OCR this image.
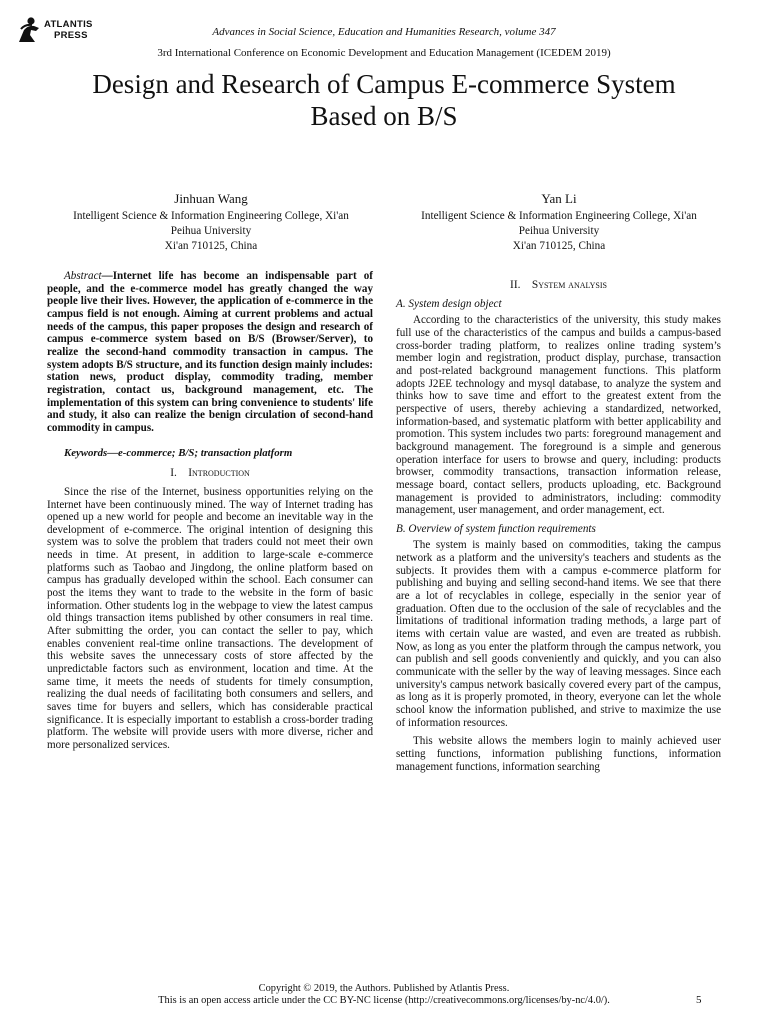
ATLANTIS
PRESS	Advances in Social Science, Education and Humanities Research, volume 347
3rd International Conference on Economic Development and Education Management (ICEDEM 2019)
Design and Research of Campus E-commerce System
Based on B/S
Jinhuan Wang
Intelligent Science & Information Engineering College, Xi'an
Peihua University
Xi'an 710125, China
Yan Li
Intelligent Science & Information Engineering College, Xi'an
Peihua University
Xi'an 710125, China

Abstract—Internet life has become an indispensable part of people, and the e-commerce model has greatly changed the way people live their lives. However, the application of e-commerce in the campus field is not enough. Aiming at current problems and actual needs of the campus, this paper proposes the design and research of campus e-commerce system based on B/S (Browser/Server), to realize the second-hand commodity transaction in campus. The system adopts B/S structure, and its function design mainly includes: station news, product display, commodity trading, member registration, contact us, background management, etc. The implementation of this system can bring convenience to students' life and study, it also can realize the benign circulation of second-hand commodity in campus.

Keywords—e-commerce; B/S; transaction platform

I. Introduction

Since the rise of the Internet, business opportunities relying on the Internet have been continuously mined. The way of Internet trading has opened up a new world for people and become an inevitable way in the development of e-commerce. The original intention of designing this system was to solve the problem that traders could not meet their own needs in time. At present, in addition to large-scale e-commerce platforms such as Taobao and Jingdong, the online platform based on campus has gradually developed within the school. Each consumer can post the items they want to trade to the website in the form of basic information. Other students log in the webpage to view the latest campus old things transaction items published by other consumers in real time. After submitting the order, you can contact the seller to pay, which enables convenient real-time online transactions. The development of this website saves the unnecessary costs of store affected by the unpredictable factors such as environment, location and time. At the same time, it meets the needs of students for timely consumption, realizing the dual needs of facilitating both consumers and sellers, and saves time for buyers and sellers, which has considerable practical significance. It is especially important to establish a cross-border trading platform. The website will provide users with more diverse, richer and more personalized services.

II. System analysis
A. System design object

According to the characteristics of the university, this study makes full use of the characteristics of the campus and builds a campus-based cross-border trading platform, to realizes online trading system’s member login and registration, product display, purchase, transaction and post-related background management functions. This platform adopts J2EE technology and mysql database, to analyze the system and thinks how to save time and effort to the greatest extent from the perspective of users, thereby achieving a standardized, networked, information-based, and systematic platform with better applicability and promotion. This system includes two parts: foreground management and background management. The foreground is a simple and generous operation interface for users to browse and query, including: products browser, commodity transactions, transaction information release, message board, contact sellers, products uploading, etc. Background management is provided to administrators, including: commodity management, user management, and order management, ect.

B. Overview of system function requirements

The system is mainly based on commodities, taking the campus network as a platform and the university's teachers and students as the subjects. It provides them with a campus e-commerce platform for publishing and buying and selling second-hand items. We see that there are a lot of recyclables in college, especially in the senior year of graduation. Often due to the occlusion of the sale of recyclables and the limitations of traditional information trading methods, a large part of items with certain value are wasted, and even are treated as rubbish. Now, as long as you enter the platform through the campus network, you can publish and sell goods conveniently and quickly, and you can also communicate with the seller by the way of leaving messages. Since each university's campus network basically covered every part of the campus, as long as it is properly promoted, in theory, everyone can let the whole school know the information published, and strive to maximize the use of information resources.

This website allows the members login to mainly achieved user setting functions, information publishing functions, information management functions, information searching

Copyright © 2019, the Authors. Published by Atlantis Press.
This is an open access article under the CC BY-NC license (http://creativecommons.org/licenses/by-nc/4.0/).	5
